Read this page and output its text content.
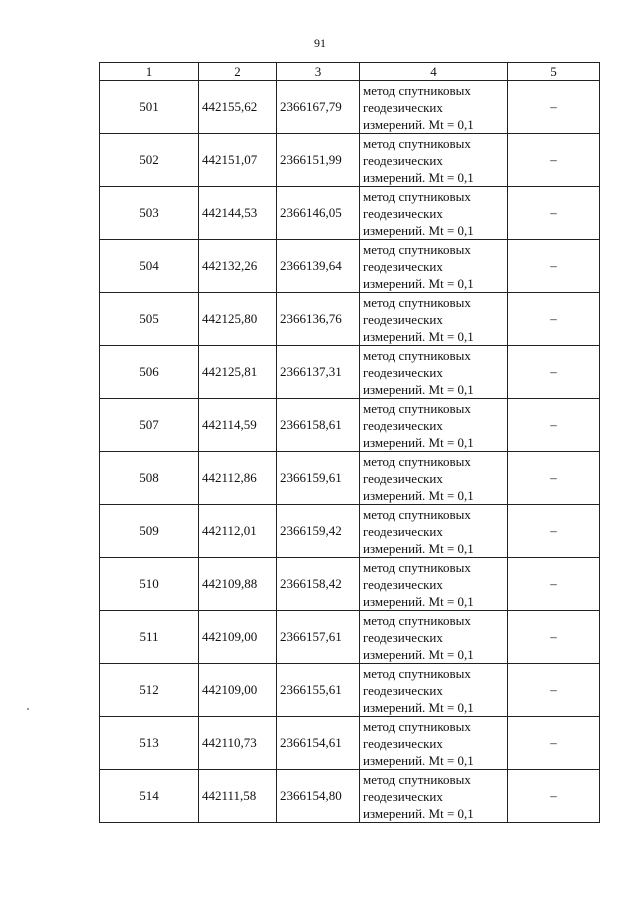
91
1	2	3	4	5
501	442155,62	2366167,79	метод спутниковых
геодезических
измерений. Mt = 0,1	–
502	442151,07	2366151,99	метод спутниковых
геодезических
измерений. Mt = 0,1	–
503	442144,53	2366146,05	метод спутниковых
геодезических
измерений. Mt = 0,1	–
504	442132,26	2366139,64	метод спутниковых
геодезических
измерений. Mt = 0,1	–
505	442125,80	2366136,76	метод спутниковых
геодезических
измерений. Mt = 0,1	–
506	442125,81	2366137,31	метод спутниковых
геодезических
измерений. Mt = 0,1	–
507	442114,59	2366158,61	метод спутниковых
геодезических
измерений. Mt = 0,1	–
508	442112,86	2366159,61	метод спутниковых
геодезических
измерений. Mt = 0,1	–
509	442112,01	2366159,42	метод спутниковых
геодезических
измерений. Mt = 0,1	–
510	442109,88	2366158,42	метод спутниковых
геодезических
измерений. Mt = 0,1	–
511	442109,00	2366157,61	метод спутниковых
геодезических
измерений. Mt = 0,1	–
512	442109,00	2366155,61	метод спутниковых
геодезических
измерений. Mt = 0,1	–
513	442110,73	2366154,61	метод спутниковых
геодезических
измерений. Mt = 0,1	–
514	442111,58	2366154,80	метод спутниковых
геодезических
измерений. Mt = 0,1	–
